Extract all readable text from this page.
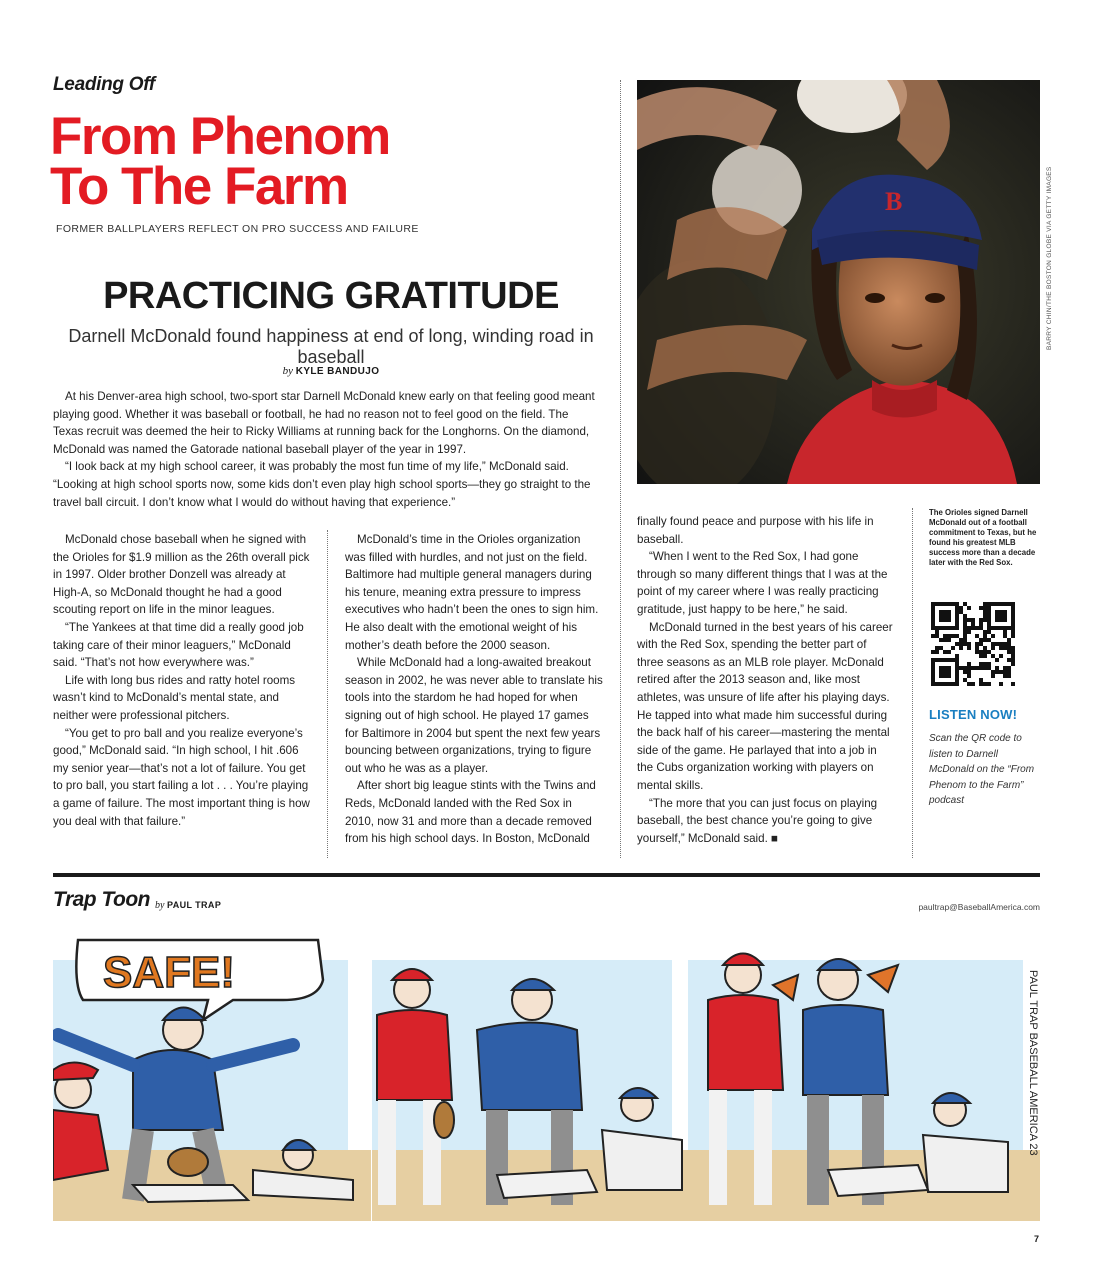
Leading Off
From Phenom
To The Farm
FORMER BALLPLAYERS REFLECT ON PRO SUCCESS AND FAILURE
PRACTICING GRATITUDE
Darnell McDonald found happiness at end of long, winding road in baseball
by KYLE BANDUJO

At his Denver-area high school, two-sport star Darnell McDonald knew early on that feeling good meant playing good. Whether it was baseball or football, he had no reason not to feel good on the field. The Texas recruit was deemed the heir to Ricky Williams at running back for the Longhorns. On the diamond, McDonald was named the Gatorade national baseball player of the year in 1997.

“I look back at my high school career, it was probably the most fun time of my life,” McDonald said. “Looking at high school sports now, some kids don’t even play high school sports—they go straight to the travel ball circuit. I don’t know what I would do without having that experience.”

McDonald chose baseball when he signed with the Orioles for $1.9 million as the 26th overall pick in 1997. Older brother Donzell was already at High-A, so McDonald thought he had a good scouting report on life in the minor leagues.

“The Yankees at that time did a really good job taking care of their minor leaguers,” McDonald said. “That’s not how everywhere was.”

Life with long bus rides and ratty hotel rooms wasn’t kind to McDonald’s mental state, and neither were professional pitchers.

“You get to pro ball and you realize everyone’s good,” McDonald said. “In high school, I hit .606 my senior year—that’s not a lot of failure. You get to pro ball, you start failing a lot . . . You’re playing a game of failure. The most important thing is how you deal with that failure.”

McDonald’s time in the Orioles organization was filled with hurdles, and not just on the field. Baltimore had multiple general managers during his tenure, meaning extra pressure to impress executives who hadn’t been the ones to sign him. He also dealt with the emotional weight of his mother’s death before the 2000 season.

While McDonald had a long-awaited breakout season in 2002, he was never able to translate his tools into the stardom he had hoped for when signing out of high school. He played 17 games for Baltimore in 2004 but spent the next few years bouncing between organizations, trying to figure out who he was as a player.

After short big league stints with the Twins and Reds, McDonald landed with the Red Sox in 2010, now 31 and more than a decade removed from his high school days. In Boston, McDonald

finally found peace and purpose with his life in baseball.

“When I went to the Red Sox, I had gone through so many different things that I was at the point of my career where I was really practicing gratitude, just happy to be here,” he said.

McDonald turned in the best years of his career with the Red Sox, spending the better part of three seasons as an MLB role player. McDonald retired after the 2013 season and, like most athletes, was unsure of life after his playing days. He tapped into what made him successful during the back half of his career—mastering the mental side of the game. He parlayed that into a job in the Cubs organization working with players on mental skills.

“The more that you can just focus on playing baseball, the best chance you’re going to give yourself,” McDonald said. ■

B	BARRY CHIN/THE BOSTON GLOBE VIA GETTY IMAGES
The Orioles signed Darnell McDonald out of a football commitment to Texas, but he found his greatest MLB success more than a decade later with the Red Sox.
LISTEN NOW!
Scan the QR code to listen to Darnell McDonald on the “From Phenom to the Farm” podcast
Trap Toon by PAUL TRAP	paultrap@BaseballAmerica.com
SAFE!	PAUL TRAP BASEBALL AMERICA 23
7
